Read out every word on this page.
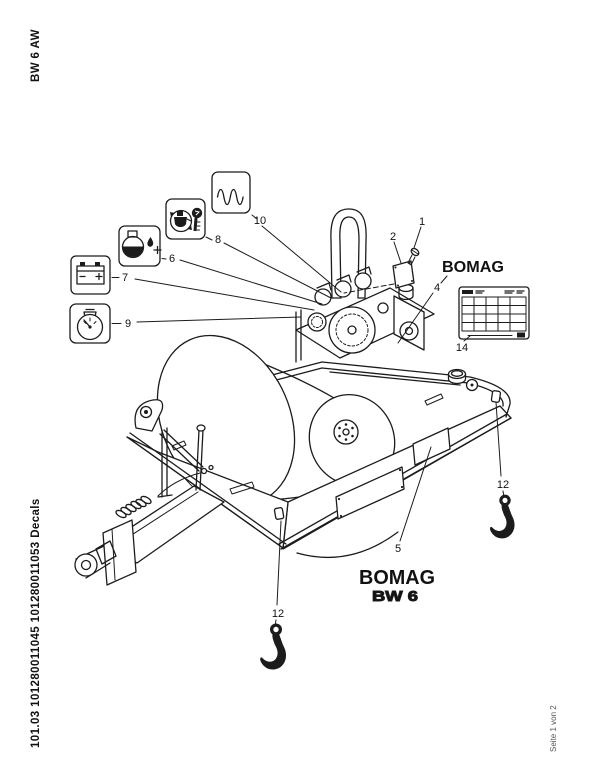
BW 6 AW
101.03 101280011045 101280011053 Decals	Seite 1 von 2
BOMAG
BOMAG
BW 6
1
2
4
5
6
7
8
9
10
12
12
14
